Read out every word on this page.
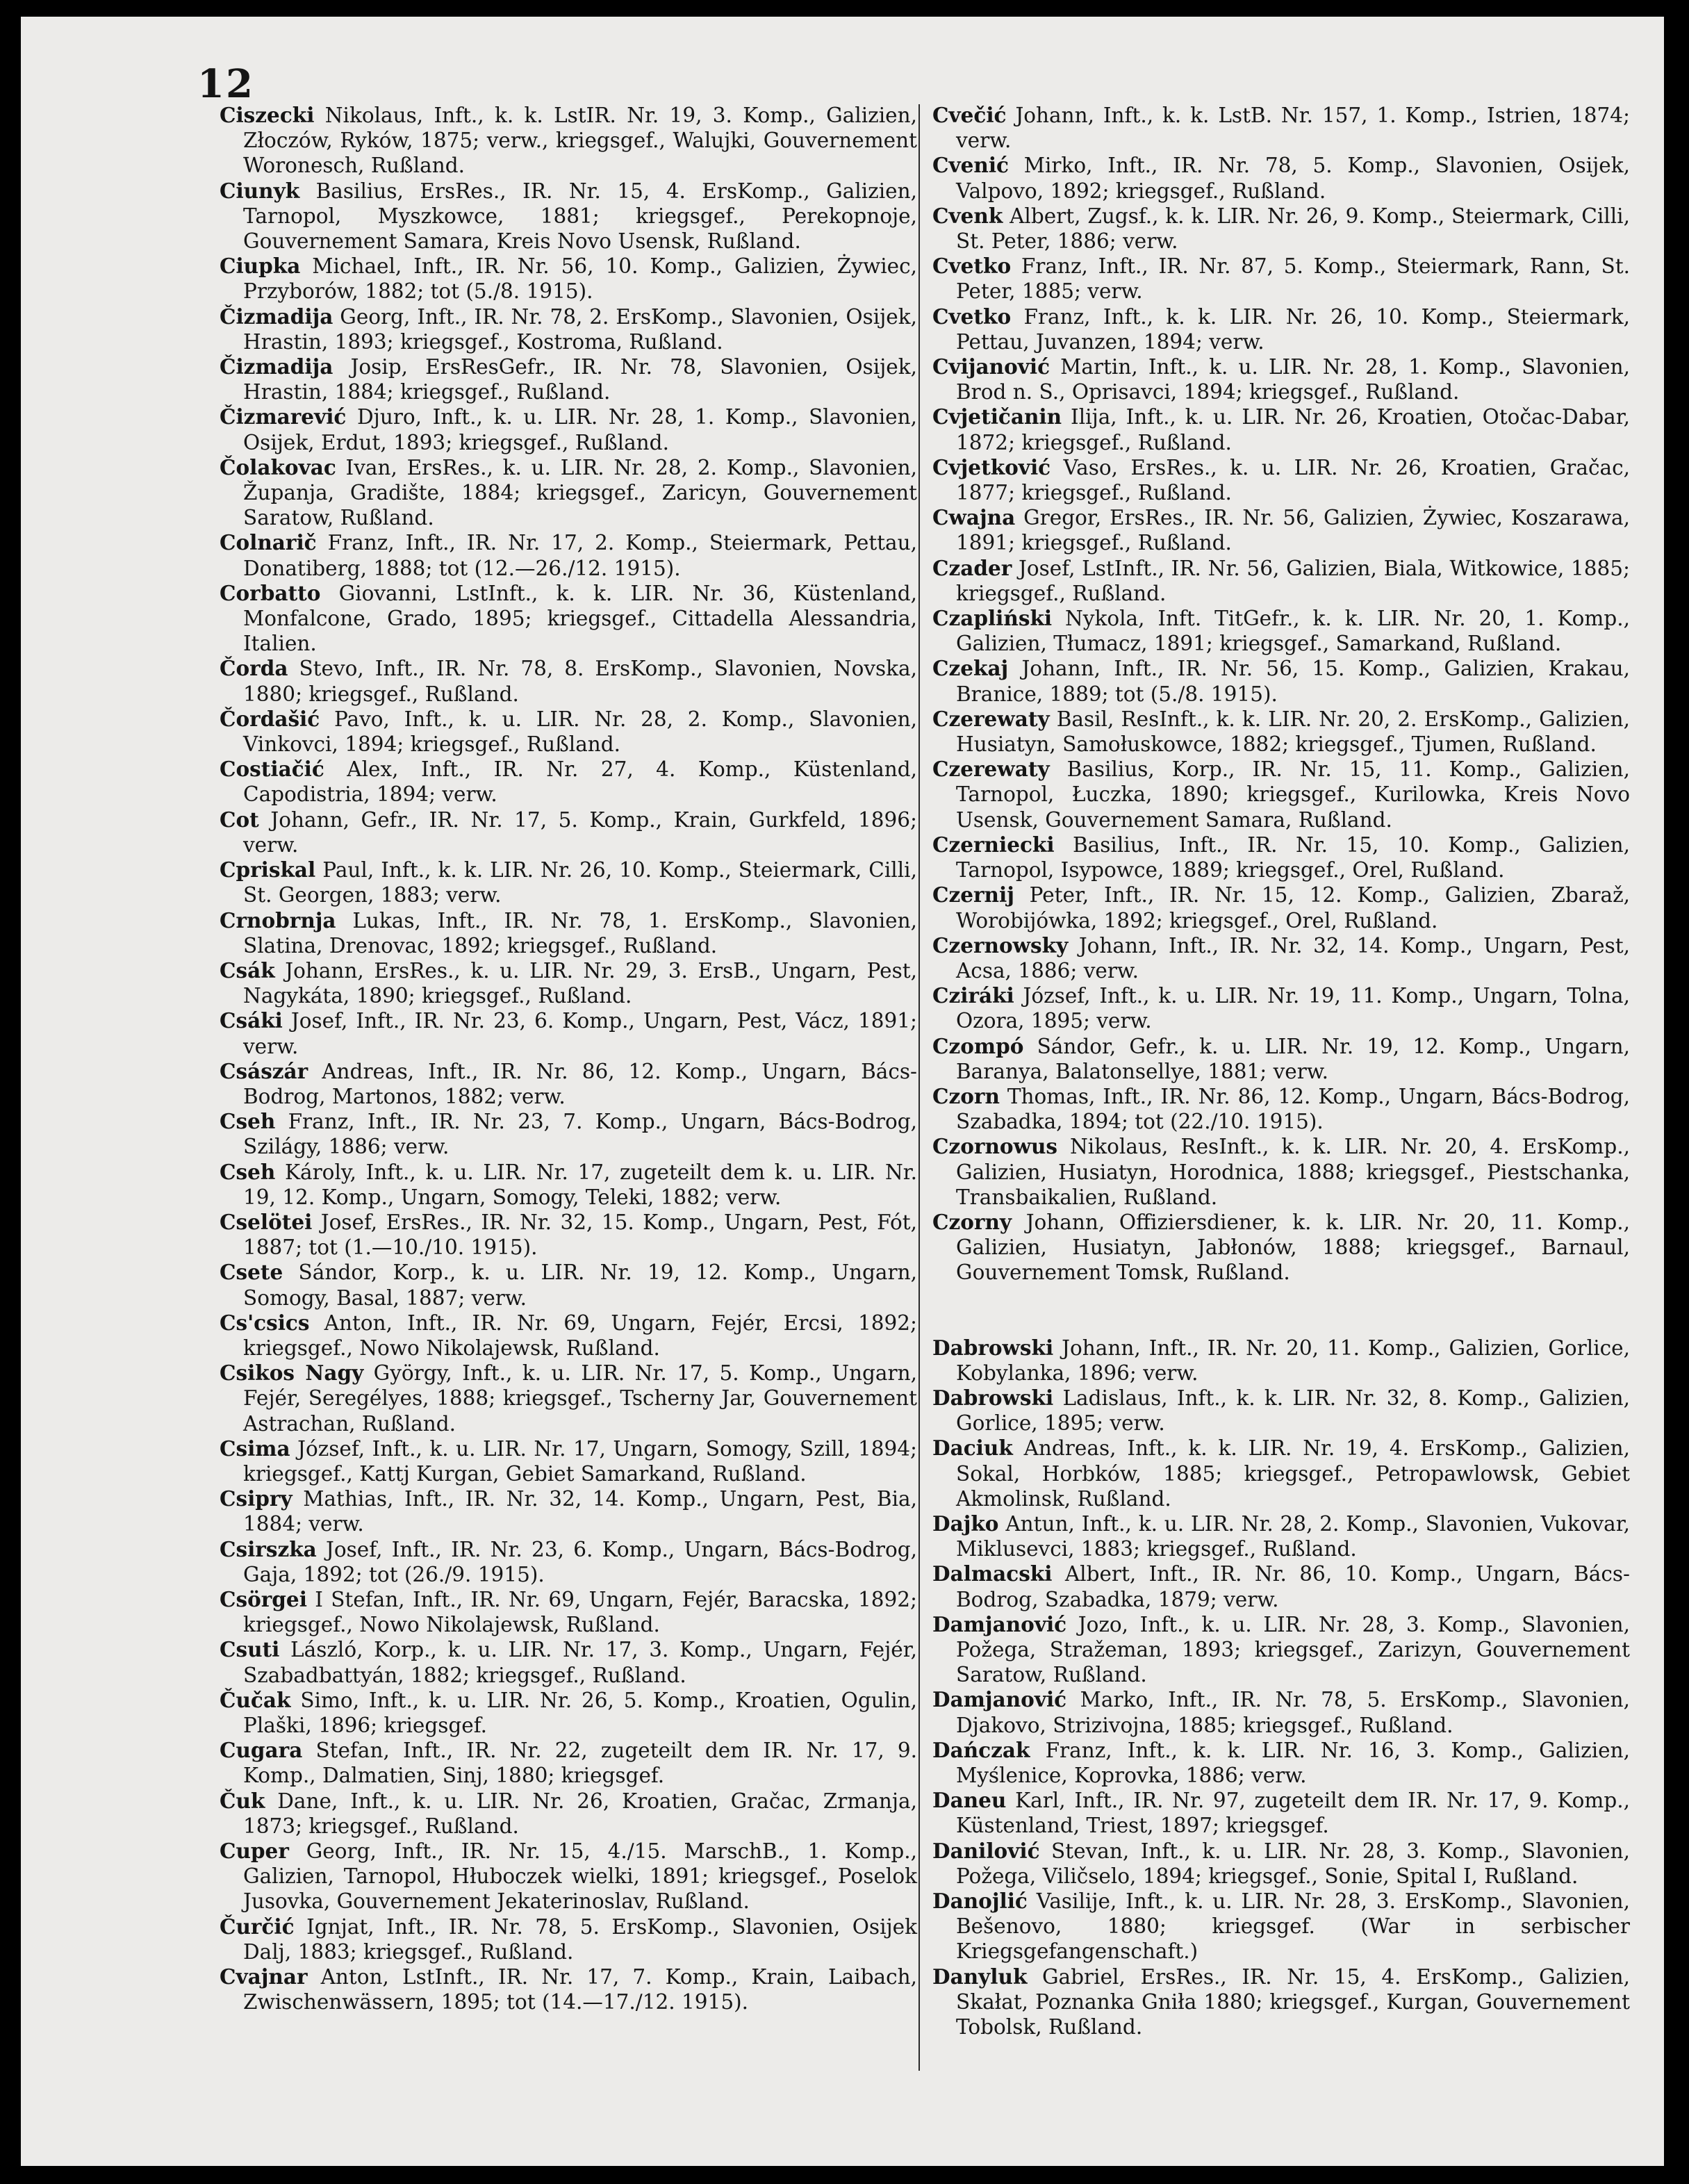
12

Ciszecki Nikolaus, Inft., k. k. LstIR. Nr. 19, 3. Komp., Galizien, Złoczów, Ryków, 1875; verw., kriegsgef., Walujki, Gouvernement Woronesch, Rußland.

Ciunyk Basilius, ErsRes., IR. Nr. 15, 4. ErsKomp., Galizien, Tarnopol, Myszkowce, 1881; kriegsgef., Perekopnoje, Gouvernement Samara, Kreis Novo Usensk, Rußland.

Ciupka Michael, Inft., IR. Nr. 56, 10. Komp., Galizien, Żywiec, Przyborów, 1882; tot (5./8. 1915).

Čizmadija Georg, Inft., IR. Nr. 78, 2. ErsKomp., Slavonien, Osijek, Hrastin, 1893; kriegsgef., Kostroma, Rußland.

Čizmadija Josip, ErsResGefr., IR. Nr. 78, Slavonien, Osijek, Hrastin, 1884; kriegsgef., Rußland.

Čizmarević Djuro, Inft., k. u. LIR. Nr. 28, 1. Komp., Slavonien, Osijek, Erdut, 1893; kriegsgef., Rußland.

Čolakovac Ivan, ErsRes., k. u. LIR. Nr. 28, 2. Komp., Slavonien, Županja, Gradište, 1884; kriegsgef., Zaricyn, Gouvernement Saratow, Rußland.

Colnarič Franz, Inft., IR. Nr. 17, 2. Komp., Steiermark, Pettau, Donatiberg, 1888; tot (12.—26./12. 1915).

Corbatto Giovanni, LstInft., k. k. LIR. Nr. 36, Küstenland, Monfalcone, Grado, 1895; kriegsgef., Cittadella Alessandria, Italien.

Čorda Stevo, Inft., IR. Nr. 78, 8. ErsKomp., Slavonien, Novska, 1880; kriegsgef., Rußland.

Čordašić Pavo, Inft., k. u. LIR. Nr. 28, 2. Komp., Slavonien, Vinkovci, 1894; kriegsgef., Rußland.

Costiačić Alex, Inft., IR. Nr. 27, 4. Komp., Küstenland, Capodistria, 1894; verw.

Cot Johann, Gefr., IR. Nr. 17, 5. Komp., Krain, Gurkfeld, 1896; verw.

Cpriskal Paul, Inft., k. k. LIR. Nr. 26, 10. Komp., Steiermark, Cilli, St. Georgen, 1883; verw.

Crnobrnja Lukas, Inft., IR. Nr. 78, 1. ErsKomp., Slavonien, Slatina, Drenovac, 1892; kriegsgef., Rußland.

Csák Johann, ErsRes., k. u. LIR. Nr. 29, 3. ErsB., Ungarn, Pest, Nagykáta, 1890; kriegsgef., Rußland.

Csáki Josef, Inft., IR. Nr. 23, 6. Komp., Ungarn, Pest, Vácz, 1891; verw.

Császár Andreas, Inft., IR. Nr. 86, 12. Komp., Ungarn, Bács-Bodrog, Martonos, 1882; verw.

Cseh Franz, Inft., IR. Nr. 23, 7. Komp., Ungarn, Bács-Bodrog, Szilágy, 1886; verw.

Cseh Károly, Inft., k. u. LIR. Nr. 17, zugeteilt dem k. u. LIR. Nr. 19, 12. Komp., Ungarn, Somogy, Teleki, 1882; verw.

Cselötei Josef, ErsRes., IR. Nr. 32, 15. Komp., Ungarn, Pest, Fót, 1887; tot (1.—10./10. 1915).

Csete Sándor, Korp., k. u. LIR. Nr. 19, 12. Komp., Ungarn, Somogy, Basal, 1887; verw.

Cs'csics Anton, Inft., IR. Nr. 69, Ungarn, Fejér, Ercsi, 1892; kriegsgef., Nowo Nikolajewsk, Rußland.

Csikos Nagy György, Inft., k. u. LIR. Nr. 17, 5. Komp., Ungarn, Fejér, Seregélyes, 1888; kriegsgef., Tscherny Jar, Gouvernement Astrachan, Rußland.

Csima József, Inft., k. u. LIR. Nr. 17, Ungarn, Somogy, Szill, 1894; kriegsgef., Kattj Kurgan, Gebiet Samarkand, Rußland.

Csipry Mathias, Inft., IR. Nr. 32, 14. Komp., Ungarn, Pest, Bia, 1884; verw.

Csirszka Josef, Inft., IR. Nr. 23, 6. Komp., Ungarn, Bács-Bodrog, Gaja, 1892; tot (26./9. 1915).

Csörgei I Stefan, Inft., IR. Nr. 69, Ungarn, Fejér, Baracska, 1892; kriegsgef., Nowo Nikolajewsk, Rußland.

Csuti László, Korp., k. u. LIR. Nr. 17, 3. Komp., Ungarn, Fejér, Szabadbattyán, 1882; kriegsgef., Rußland.

Čučak Simo, Inft., k. u. LIR. Nr. 26, 5. Komp., Kroatien, Ogulin, Plaški, 1896; kriegsgef.

Cugara Stefan, Inft., IR. Nr. 22, zugeteilt dem IR. Nr. 17, 9. Komp., Dalmatien, Sinj, 1880; kriegsgef.

Čuk Dane, Inft., k. u. LIR. Nr. 26, Kroatien, Gračac, Zrmanja, 1873; kriegsgef., Rußland.

Cuper Georg, Inft., IR. Nr. 15, 4./15. MarschB., 1. Komp., Galizien, Tarnopol, Hłuboczek wielki, 1891; kriegsgef., Poselok Jusovka, Gouvernement Jekaterinoslav, Rußland.

Čurčić Ignjat, Inft., IR. Nr. 78, 5. ErsKomp., Slavonien, Osijek Dalj, 1883; kriegsgef., Rußland.

Cvajnar Anton, LstInft., IR. Nr. 17, 7. Komp., Krain, Laibach, Zwischenwässern, 1895; tot (14.—17./12. 1915).

Cvečić Johann, Inft., k. k. LstB. Nr. 157, 1. Komp., Istrien, 1874; verw.

Cvenić Mirko, Inft., IR. Nr. 78, 5. Komp., Slavonien, Osijek, Valpovo, 1892; kriegsgef., Rußland.

Cvenk Albert, Zugsf., k. k. LIR. Nr. 26, 9. Komp., Steiermark, Cilli, St. Peter, 1886; verw.

Cvetko Franz, Inft., IR. Nr. 87, 5. Komp., Steiermark, Rann, St. Peter, 1885; verw.

Cvetko Franz, Inft., k. k. LIR. Nr. 26, 10. Komp., Steiermark, Pettau, Juvanzen, 1894; verw.

Cvijanović Martin, Inft., k. u. LIR. Nr. 28, 1. Komp., Slavonien, Brod n. S., Oprisavci, 1894; kriegsgef., Rußland.

Cvjetičanin Ilija, Inft., k. u. LIR. Nr. 26, Kroatien, Otočac-Dabar, 1872; kriegsgef., Rußland.

Cvjetković Vaso, ErsRes., k. u. LIR. Nr. 26, Kroatien, Gračac, 1877; kriegsgef., Rußland.

Cwajna Gregor, ErsRes., IR. Nr. 56, Galizien, Żywiec, Koszarawa, 1891; kriegsgef., Rußland.

Czader Josef, LstInft., IR. Nr. 56, Galizien, Biala, Witkowice, 1885; kriegsgef., Rußland.

Czapliński Nykola, Inft. TitGefr., k. k. LIR. Nr. 20, 1. Komp., Galizien, Tłumacz, 1891; kriegsgef., Samarkand, Rußland.

Czekaj Johann, Inft., IR. Nr. 56, 15. Komp., Galizien, Krakau, Branice, 1889; tot (5./8. 1915).

Czerewaty Basil, ResInft., k. k. LIR. Nr. 20, 2. ErsKomp., Galizien, Husiatyn, Samołuskowce, 1882; kriegsgef., Tjumen, Rußland.

Czerewaty Basilius, Korp., IR. Nr. 15, 11. Komp., Galizien, Tarnopol, Łuczka, 1890; kriegsgef., Kurilowka, Kreis Novo Usensk, Gouvernement Samara, Rußland.

Czerniecki Basilius, Inft., IR. Nr. 15, 10. Komp., Galizien, Tarnopol, Isypowce, 1889; kriegsgef., Orel, Rußland.

Czernij Peter, Inft., IR. Nr. 15, 12. Komp., Galizien, Zbaraž, Worobijówka, 1892; kriegsgef., Orel, Rußland.

Czernowsky Johann, Inft., IR. Nr. 32, 14. Komp., Ungarn, Pest, Acsa, 1886; verw.

Cziráki József, Inft., k. u. LIR. Nr. 19, 11. Komp., Ungarn, Tolna, Ozora, 1895; verw.

Czompó Sándor, Gefr., k. u. LIR. Nr. 19, 12. Komp., Ungarn, Baranya, Balatonsellye, 1881; verw.

Czorn Thomas, Inft., IR. Nr. 86, 12. Komp., Ungarn, Bács-Bodrog, Szabadka, 1894; tot (22./10. 1915).

Czornowus Nikolaus, ResInft., k. k. LIR. Nr. 20, 4. ErsKomp., Galizien, Husiatyn, Horodnica, 1888; kriegsgef., Piestschanka, Transbaikalien, Rußland.

Czorny Johann, Offiziersdiener, k. k. LIR. Nr. 20, 11. Komp., Galizien, Husiatyn, Jabłonów, 1888; kriegsgef., Barnaul, Gouvernement Tomsk, Rußland.

Dabrowski Johann, Inft., IR. Nr. 20, 11. Komp., Galizien, Gorlice, Kobylanka, 1896; verw.

Dabrowski Ladislaus, Inft., k. k. LIR. Nr. 32, 8. Komp., Galizien, Gorlice, 1895; verw.

Daciuk Andreas, Inft., k. k. LIR. Nr. 19, 4. ErsKomp., Galizien, Sokal, Horbków, 1885; kriegsgef., Petropawlowsk, Gebiet Akmolinsk, Rußland.

Dajko Antun, Inft., k. u. LIR. Nr. 28, 2. Komp., Slavonien, Vukovar, Miklusevci, 1883; kriegsgef., Rußland.

Dalmacski Albert, Inft., IR. Nr. 86, 10. Komp., Ungarn, Bács-Bodrog, Szabadka, 1879; verw.

Damjanović Jozo, Inft., k. u. LIR. Nr. 28, 3. Komp., Slavonien, Požega, Stražeman, 1893; kriegsgef., Zarizyn, Gouvernement Saratow, Rußland.

Damjanović Marko, Inft., IR. Nr. 78, 5. ErsKomp., Slavonien, Djakovo, Strizivojna, 1885; kriegsgef., Rußland.

Dańczak Franz, Inft., k. k. LIR. Nr. 16, 3. Komp., Galizien, Myślenice, Koprovka, 1886; verw.

Daneu Karl, Inft., IR. Nr. 97, zugeteilt dem IR. Nr. 17, 9. Komp., Küstenland, Triest, 1897; kriegsgef.

Danilović Stevan, Inft., k. u. LIR. Nr. 28, 3. Komp., Slavonien, Požega, Viličselo, 1894; kriegsgef., Sonie, Spital I, Rußland.

Danojlić Vasilije, Inft., k. u. LIR. Nr. 28, 3. ErsKomp., Slavonien, Bešenovo, 1880; kriegsgef. (War in serbischer Kriegsgefangenschaft.)

Danyluk Gabriel, ErsRes., IR. Nr. 15, 4. ErsKomp., Galizien, Skałat, Poznanka Gniła 1880; kriegsgef., Kurgan, Gouvernement Tobolsk, Rußland.
